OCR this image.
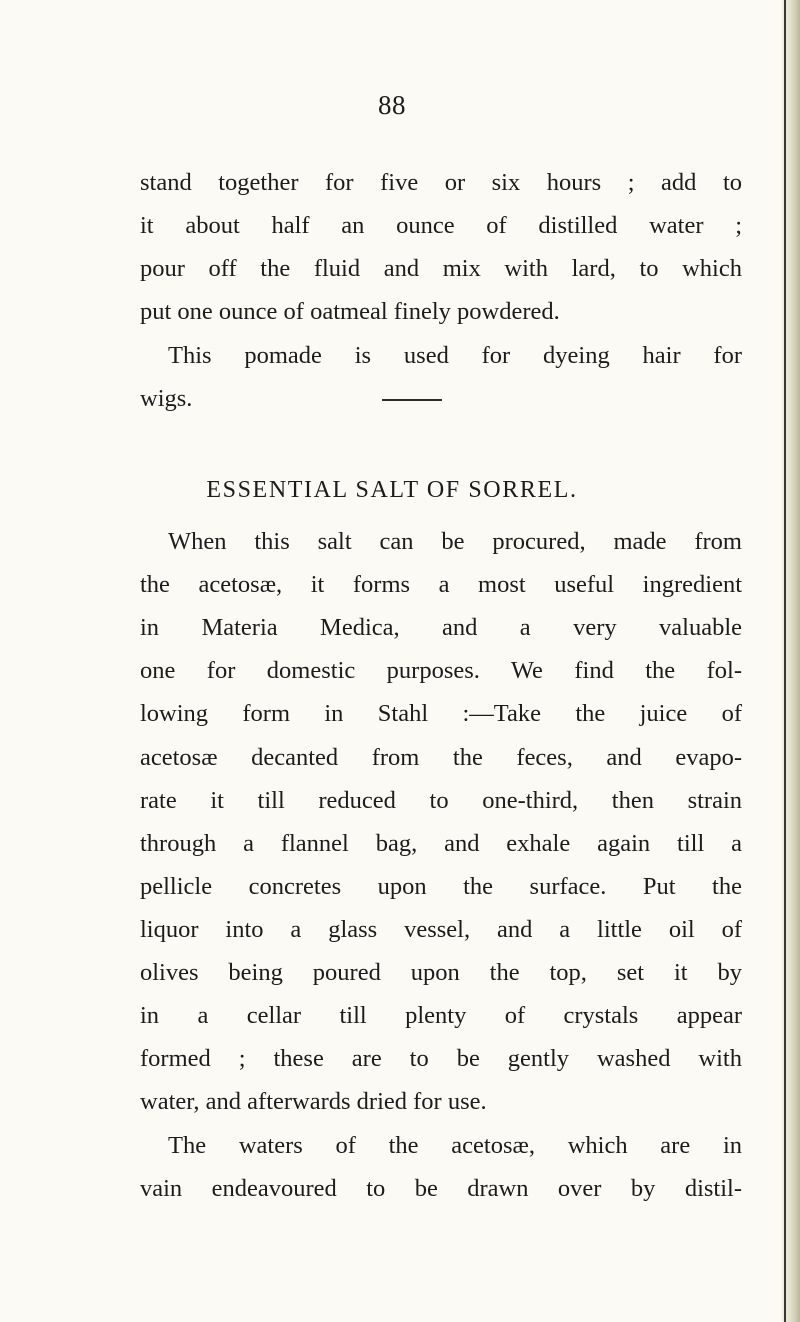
88
stand together for five or six hours ; add to
it about half an ounce of distilled water ;
pour off the fluid and mix with lard, to which
put one ounce of oatmeal finely powdered.
This pomade is used for dyeing hair for
wigs.
ESSENTIAL SALT OF SORREL.
When this salt can be procured, made from
the acetosæ, it forms a most useful ingredient
in Materia Medica, and a very valuable
one for domestic purposes. We find the fol-
lowing form in Stahl :—Take the juice of
acetosæ decanted from the feces, and evapo-
rate it till reduced to one-third, then strain
through a flannel bag, and exhale again till a
pellicle concretes upon the surface. Put the
liquor into a glass vessel, and a little oil of
olives being poured upon the top, set it by
in a cellar till plenty of crystals appear
formed ; these are to be gently washed with
water, and afterwards dried for use.
The waters of the acetosæ, which are in
vain endeavoured to be drawn over by distil-
